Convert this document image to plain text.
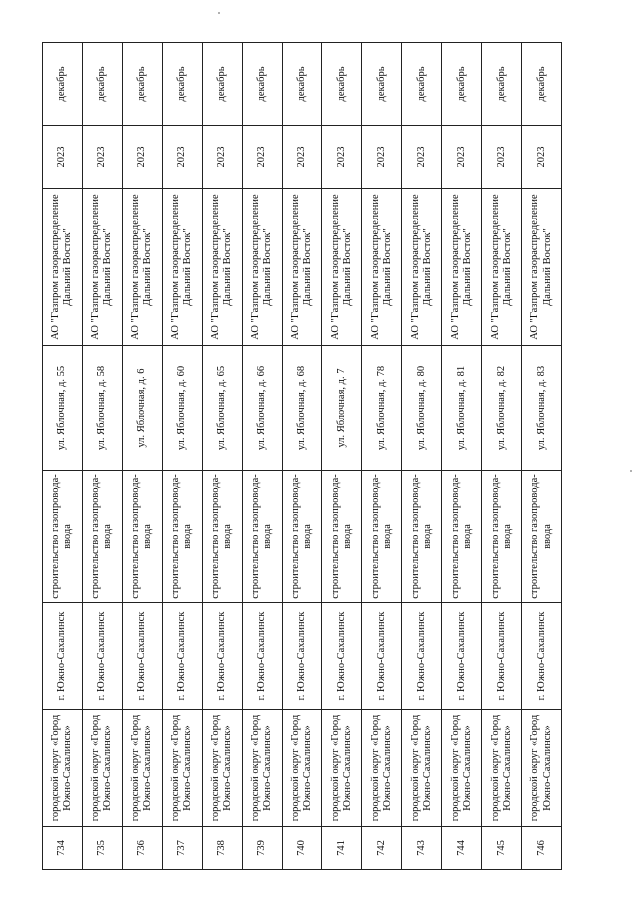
734	городской округ «Город Южно-Сахалинск»	г. Южно-Сахалинск	строительство газопровода-ввода	ул. Яблочная, д. 55	АО "Газпром газораспределение Дальний Восток"	2023	декабрь
735	городской округ «Город Южно-Сахалинск»	г. Южно-Сахалинск	строительство газопровода-ввода	ул. Яблочная, д. 58	АО "Газпром газораспределение Дальний Восток"	2023	декабрь
736	городской округ «Город Южно-Сахалинск»	г. Южно-Сахалинск	строительство газопровода-ввода	ул. Яблочная, д. 6	АО "Газпром газораспределение Дальний Восток"	2023	декабрь
737	городской округ «Город Южно-Сахалинск»	г. Южно-Сахалинск	строительство газопровода-ввода	ул. Яблочная, д. 60	АО "Газпром газораспределение Дальний Восток"	2023	декабрь
738	городской округ «Город Южно-Сахалинск»	г. Южно-Сахалинск	строительство газопровода-ввода	ул. Яблочная, д. 65	АО "Газпром газораспределение Дальний Восток"	2023	декабрь
739	городской округ «Город Южно-Сахалинск»	г. Южно-Сахалинск	строительство газопровода-ввода	ул. Яблочная, д. 66	АО "Газпром газораспределение Дальний Восток"	2023	декабрь
740	городской округ «Город Южно-Сахалинск»	г. Южно-Сахалинск	строительство газопровода-ввода	ул. Яблочная, д. 68	АО "Газпром газораспределение Дальний Восток"	2023	декабрь
741	городской округ «Город Южно-Сахалинск»	г. Южно-Сахалинск	строительство газопровода-ввода	ул. Яблочная, д. 7	АО "Газпром газораспределение Дальний Восток"	2023	декабрь
742	городской округ «Город Южно-Сахалинск»	г. Южно-Сахалинск	строительство газопровода-ввода	ул. Яблочная, д. 78	АО "Газпром газораспределение Дальний Восток"	2023	декабрь
743	городской округ «Город Южно-Сахалинск»	г. Южно-Сахалинск	строительство газопровода-ввода	ул. Яблочная, д. 80	АО "Газпром газораспределение Дальний Восток"	2023	декабрь
744	городской округ «Город Южно-Сахалинск»	г. Южно-Сахалинск	строительство газопровода-ввода	ул. Яблочная, д. 81	АО "Газпром газораспределение Дальний Восток"	2023	декабрь
745	городской округ «Город Южно-Сахалинск»	г. Южно-Сахалинск	строительство газопровода-ввода	ул. Яблочная, д. 82	АО "Газпром газораспределение Дальний Восток"	2023	декабрь
746	городской округ «Город Южно-Сахалинск»	г. Южно-Сахалинск	строительство газопровода-ввода	ул. Яблочная, д. 83	АО "Газпром газораспределение Дальний Восток"	2023	декабрь
